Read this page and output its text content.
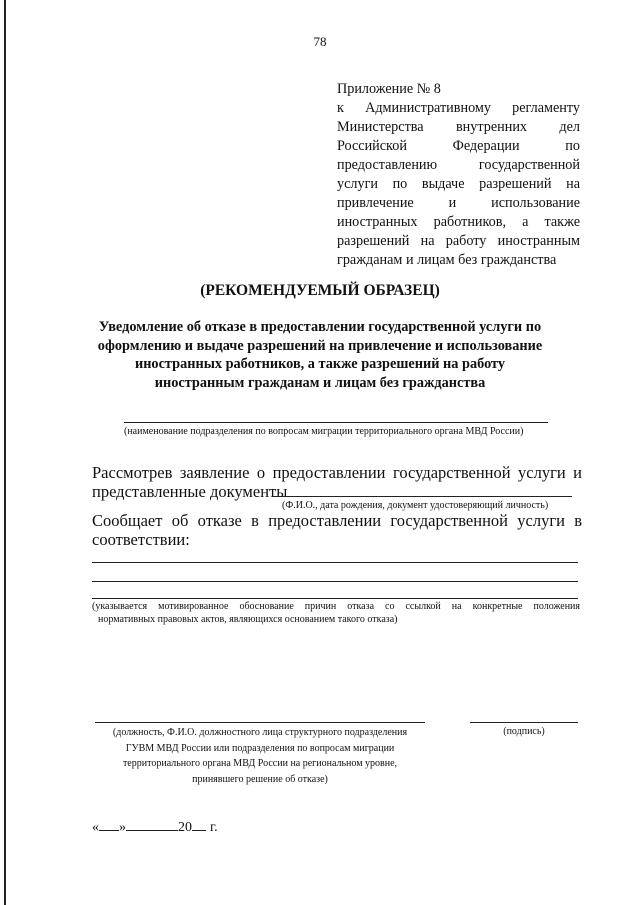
78
Приложение № 8
к Административному регламенту
Министерства внутренних дел
Российской Федерации по
предоставлению государственной
услуги по выдаче разрешений на
привлечение и использование
иностранных работников, а также
разрешений на работу иностранным
гражданам и лицам без гражданства
(РЕКОМЕНДУЕМЫЙ ОБРАЗЕЦ)
Уведомление об отказе в предоставлении государственной услуги по
оформлению и выдаче разрешений на привлечение и использование
иностранных работников, а также разрешений на работу
иностранным гражданам и лицам без гражданства
(наименование подразделения по вопросам миграции территориального органа МВД России)
Рассмотрев заявление о предоставлении государственной услуги и
представленные документы
(Ф.И.О., дата рождения, документ удостоверяющий личность)
Сообщает об отказе в предоставлении государственной услуги в
соответствии:
(указывается мотивированное обоснование причин отказа со ссылкой на конкретные положения
нормативных правовых актов, являющихся основанием такого отказа)
(должность, Ф.И.О. должностного лица структурного подразделения
ГУВМ МВД России или подразделения по вопросам миграции
территориального органа МВД России на региональном уровне,
принявшего решение об отказе)
(подпись)
« »	20 г.
